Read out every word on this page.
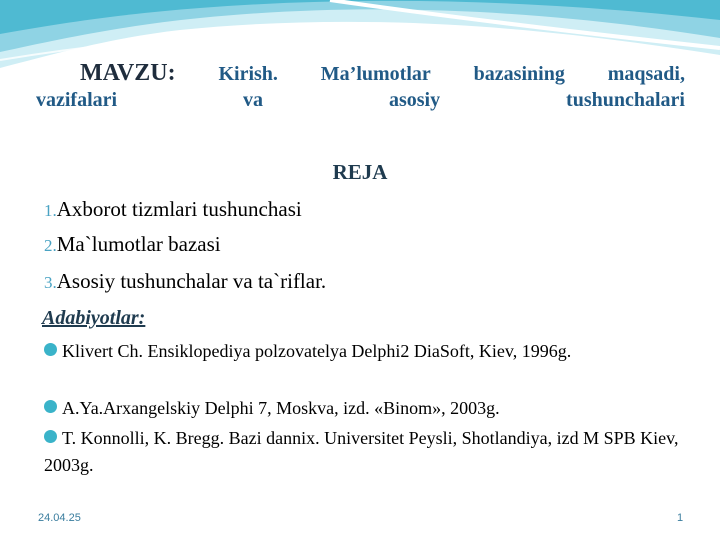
MAVZU: Kirish. Ma’lumotlar bazasining maqsadi,
vazifalari	va	asosiy	tushunchalari
REJA
1.Axborot tizmlari tushunchasi
2.Ma`lumotlar bazasi
3.Asosiy tushunchalar va ta`riflar.
Adabiyotlar:
Klivert Ch. Ensiklopediya polzovatelya Delphi2 DiaSoft, Kiev, 1996g.
A.Ya.Arxangelskiy Delphi 7, Moskva, izd. «Binom», 2003g.
T. Konnolli, K. Bregg. Bazi dannix. Universitet Peysli, Shotlandiya, izd M SPB Kiev, 2003g.
24.04.25	1
